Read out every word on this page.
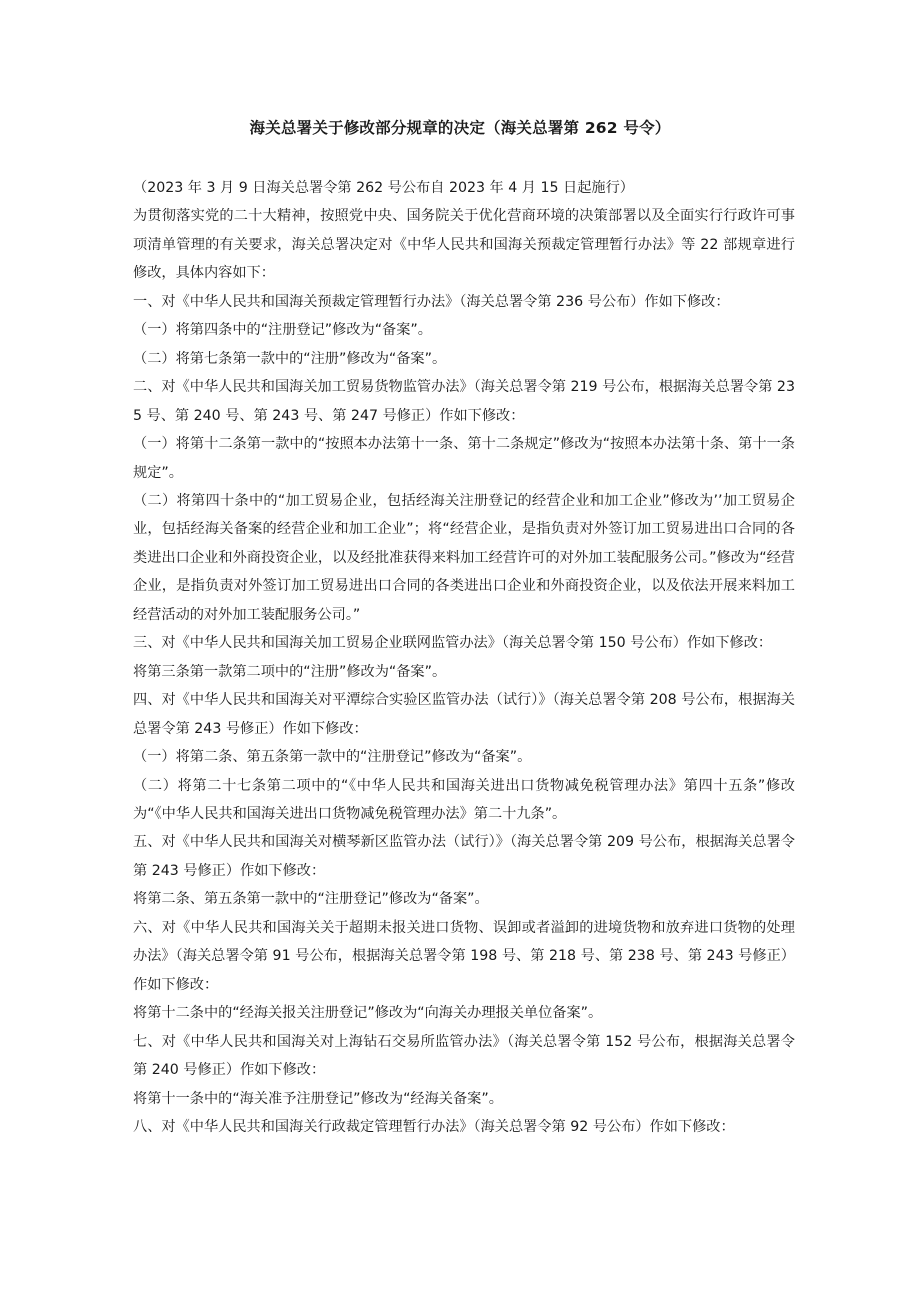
海关总署关于修改部分规章的决定（海关总署第 262 号令）

（2023 年 3 月 9 日海关总署令第 262 号公布自 2023 年 4 月 15 日起施行）

为贯彻落实党的二十大精神，按照党中央、国务院关于优化营商环境的决策部署以及全面实行行政许可事项清单管理的有关要求，海关总署决定对《中华人民共和国海关预裁定管理暂行办法》等 22 部规章进行修改，具体内容如下：

一、对《中华人民共和国海关预裁定管理暂行办法》（海关总署令第 236 号公布）作如下修改：

（一）将第四条中的“注册登记”修改为“备案”。

（二）将第七条第一款中的“注册”修改为“备案”。

二、对《中华人民共和国海关加工贸易货物监管办法》（海关总署令第 219 号公布，根据海关总署令第 235 号、第 240 号、第 243 号、第 247 号修正）作如下修改：

（一）将第十二条第一款中的“按照本办法第十一条、第十二条规定”修改为“按照本办法第十条、第十一条规定”。

（二）将第四十条中的“加工贸易企业，包括经海关注册登记的经营企业和加工企业”修改为’’加工贸易企业，包括经海关备案的经营企业和加工企业”；将“经营企业，是指负责对外签订加工贸易进出口合同的各类进出口企业和外商投资企业，以及经批准获得来料加工经营许可的对外加工装配服务公司。”修改为“经营企业，是指负责对外签订加工贸易进出口合同的各类进出口企业和外商投资企业，以及依法开展来料加工经营活动的对外加工装配服务公司。”

三、对《中华人民共和国海关加工贸易企业联网监管办法》（海关总署令第 150 号公布）作如下修改：

将第三条第一款第二项中的“注册”修改为“备案”。

四、对《中华人民共和国海关对平潭综合实验区监管办法（试行）》（海关总署令第 208 号公布，根据海关总署令第 243 号修正）作如下修改：

（一）将第二条、第五条第一款中的“注册登记”修改为“备案”。

（二）将第二十七条第二项中的“《中华人民共和国海关进出口货物减免税管理办法》第四十五条”修改为“《中华人民共和国海关进出口货物减免税管理办法》第二十九条”。

五、对《中华人民共和国海关对横琴新区监管办法（试行）》（海关总署令第 209 号公布，根据海关总署令第 243 号修正）作如下修改：

将第二条、第五条第一款中的“注册登记”修改为“备案”。

六、对《中华人民共和国海关关于超期未报关进口货物、误卸或者溢卸的进境货物和放弃进口货物的处理办法》（海关总署令第 91 号公布，根据海关总署令第 198 号、第 218 号、第 238 号、第 243 号修正）作如下修改：

将第十二条中的“经海关报关注册登记”修改为“向海关办理报关单位备案”。

七、对《中华人民共和国海关对上海钻石交易所监管办法》（海关总署令第 152 号公布，根据海关总署令第 240 号修正）作如下修改：

将第十一条中的“海关准予注册登记”修改为“经海关备案”。

八、对《中华人民共和国海关行政裁定管理暂行办法》（海关总署令第 92 号公布）作如下修改：
